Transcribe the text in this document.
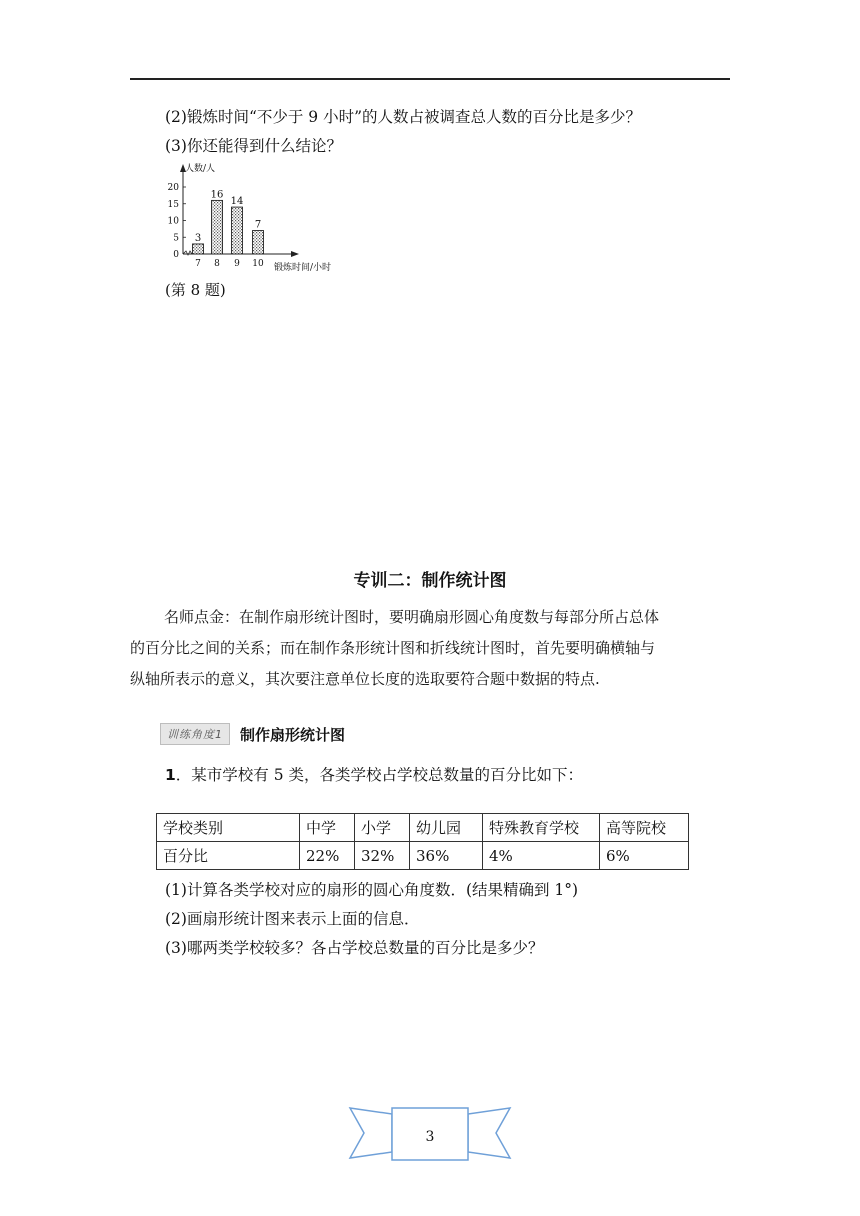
(2)锻炼时间“不少于 9 小时”的人数占被调查总人数的百分比是多少？
(3)你还能得到什么结论？
人数/人
锻炼时间/小时
0
5
10
15
20
3
7
16
8
14
9
7
10
(第 8 题)
专训二：制作统计图
名师点金：在制作扇形统计图时，要明确扇形圆心角度数与每部分所占总体
的百分比之间的关系；而在制作条形统计图和折线统计图时，首先要明确横轴与
纵轴所表示的意义，其次要注意单位长度的选取要符合题中数据的特点.
训练角度1	制作扇形统计图
1．某市学校有 5 类，各类学校占学校总数量的百分比如下：
学校类别	中学	小学	幼儿园	特殊教育学校	高等院校
百分比	22%	32%	36%	4%	6%
(1)计算各类学校对应的扇形的圆心角度数．(结果精确到 1°)
(2)画扇形统计图来表示上面的信息．
(3)哪两类学校较多？各占学校总数量的百分比是多少？
3
